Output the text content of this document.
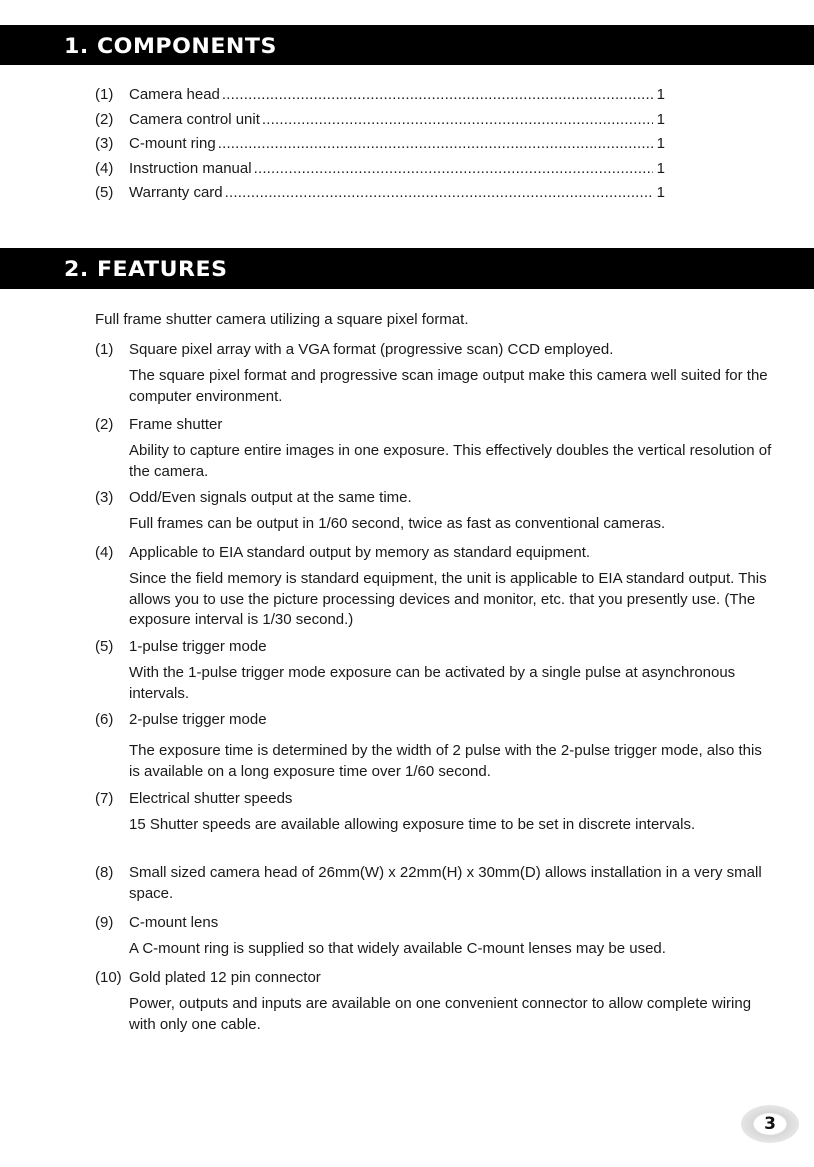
1. COMPONENTS
(1)	Camera head .....	1
(2)	Camera control unit .....	1
(3)	C-mount ring .....	1
(4)	Instruction manual .....	1
(5)	Warranty card .....	1
2. FEATURES
Full frame shutter camera utilizing a square pixel format.
(1)	Square pixel array with a VGA format (progressive scan) CCD employed.
The square pixel format and progressive scan image output make this camera well suited for the computer environment.
(2)	Frame shutter
Ability to capture entire images in one exposure. This effectively doubles the vertical resolution of the camera.
(3)	Odd/Even signals output at the same time.
Full frames can be output in 1/60 second, twice as fast as conventional cameras.
(4)	Applicable to EIA standard output by memory as standard equipment.
Since the field memory is standard equipment, the unit is applicable to EIA standard output. This allows you to use the picture processing devices and monitor, etc. that you presently use. (The exposure interval is 1/30 second.)
(5)	1-pulse trigger mode
With the 1-pulse trigger mode exposure can be activated by a single pulse at asynchronous intervals.
(6)	2-pulse trigger mode
The exposure time is determined by the width of 2 pulse with the 2-pulse trigger mode, also this is available on a long exposure time over 1/60 second.
(7)	Electrical shutter speeds
15 Shutter speeds are available allowing exposure time to be set in discrete intervals.
(8)	Small sized camera head of 26mm(W) x 22mm(H) x 30mm(D) allows installation in a very small space.
(9)	C-mount lens
A C-mount ring is supplied so that widely available C-mount lenses may be used.
(10) Gold plated 12 pin connector
Power, outputs and inputs are available on one convenient connector to allow complete wiring with only one cable.
3
